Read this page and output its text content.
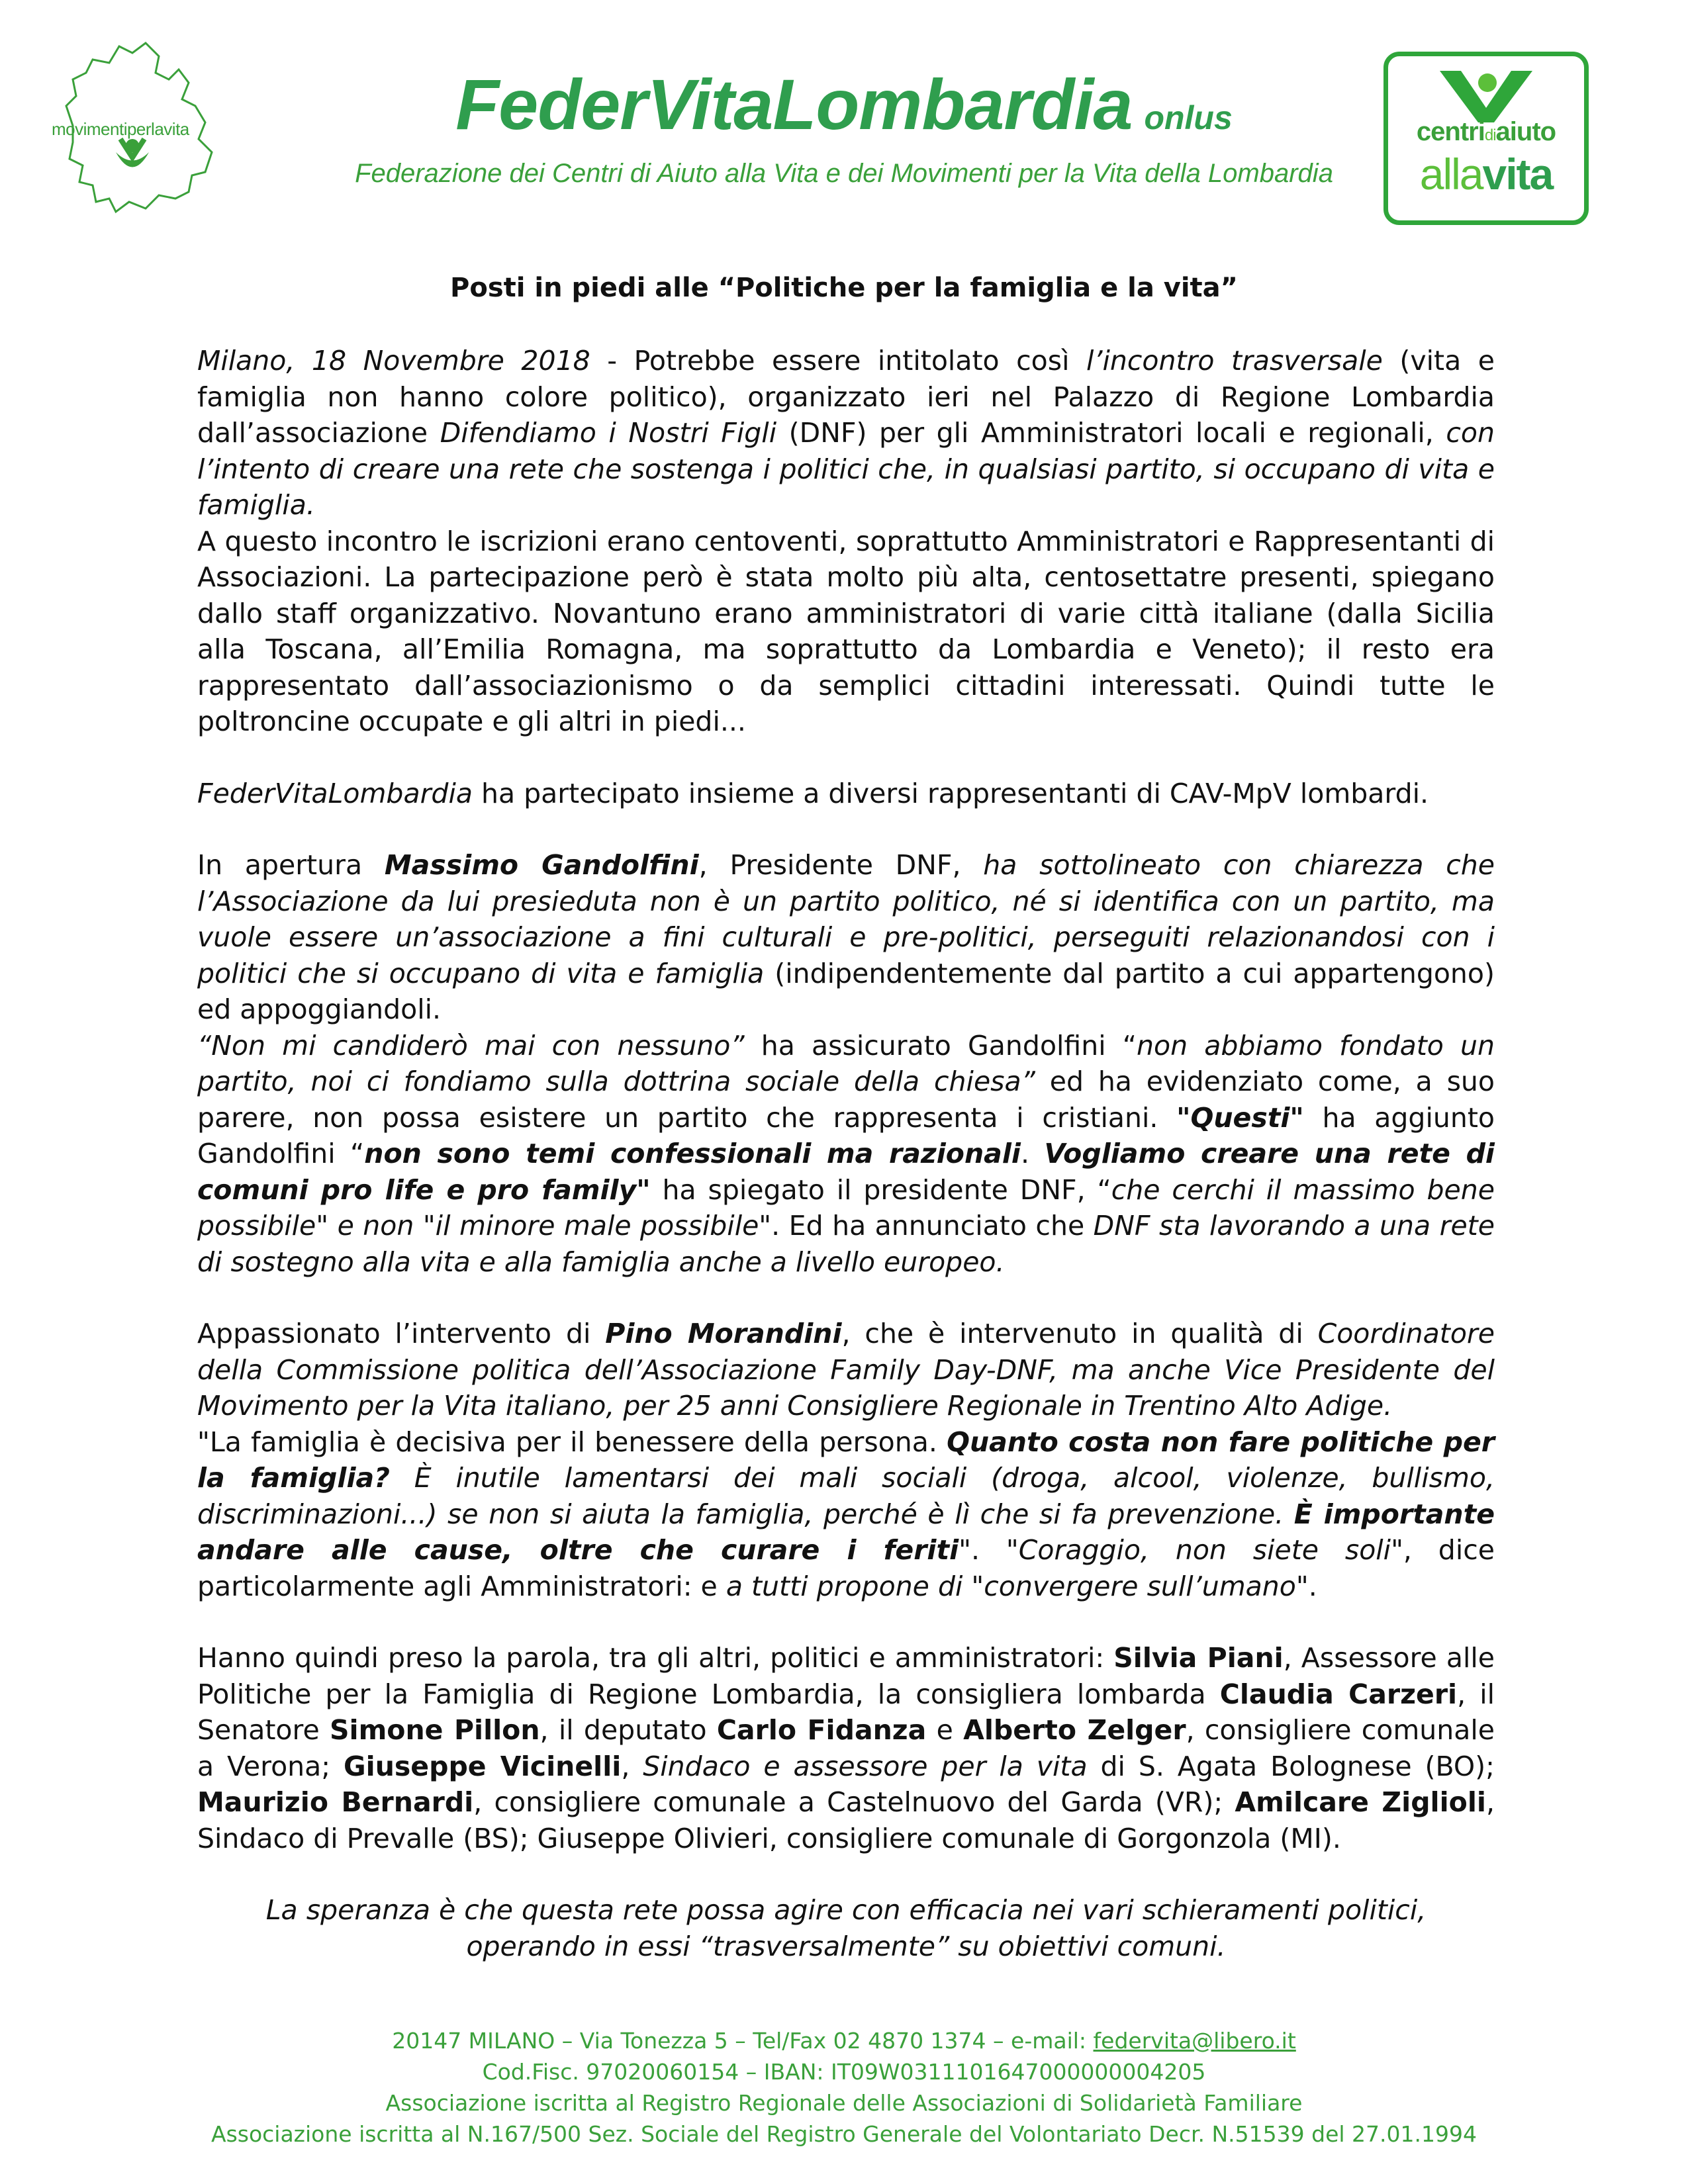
movimentiperlavita	FederVitaLombardia onlus
Federazione dei Centri di Aiuto alla Vita e dei Movimenti per la Vita della Lombardia
centridiaiuto
allavita
Posti in piedi alle “Politiche per la famiglia e la vita”

Milano, 18 Novembre 2018 - Potrebbe essere intitolato così l’incontro trasversale (vita e famiglia non hanno colore politico), organizzato ieri nel Palazzo di Regione Lombardia dall’associazione Difendiamo i Nostri Figli (DNF) per gli Amministratori locali e regionali, con l’intento di creare una rete che sostenga i politici che, in qualsiasi partito, si occupano di vita e famiglia.

A questo incontro le iscrizioni erano centoventi, soprattutto Amministratori e Rappresentanti di Associazioni. La partecipazione però è stata molto più alta, centosettatre presenti, spiegano dallo staff organizzativo. Novantuno erano amministratori di varie città italiane (dalla Sicilia alla Toscana, all’Emilia Romagna, ma soprattutto da Lombardia e Veneto); il resto era rappresentato dall’associazionismo o da semplici cittadini interessati. Quindi tutte le poltroncine occupate e gli altri in piedi...

FederVitaLombardia ha partecipato insieme a diversi rappresentanti di CAV-MpV lombardi.

In apertura Massimo Gandolfini, Presidente DNF, ha sottolineato con chiarezza che l’Associazione da lui presieduta non è un partito politico, né si identifica con un partito, ma vuole essere un’associazione a fini culturali e pre-politici, perseguiti relazionandosi con i politici che si occupano di vita e famiglia (indipendentemente dal partito a cui appartengono) ed appoggiandoli.

“Non mi candiderò mai con nessuno” ha assicurato Gandolfini “non abbiamo fondato un partito, noi ci fondiamo sulla dottrina sociale della chiesa” ed ha evidenziato come, a suo parere, non possa esistere un partito che rappresenta i cristiani. "Questi" ha aggiunto Gandolfini “non sono temi confessionali ma razionali. Vogliamo creare una rete di comuni pro life e pro family" ha spiegato il presidente DNF, “che cerchi il massimo bene possibile" e non "il minore male possibile". Ed ha annunciato che DNF sta lavorando a una rete di sostegno alla vita e alla famiglia anche a livello europeo.

Appassionato l’intervento di Pino Morandini, che è intervenuto in qualità di Coordinatore della Commissione politica dell’Associazione Family Day-DNF, ma anche Vice Presidente del Movimento per la Vita italiano, per 25 anni Consigliere Regionale in Trentino Alto Adige.

"La famiglia è decisiva per il benessere della persona. Quanto costa non fare politiche per la famiglia? È inutile lamentarsi dei mali sociali (droga, alcool, violenze, bullismo, discriminazioni...) se non si aiuta la famiglia, perché è lì che si fa prevenzione. È importante andare alle cause, oltre che curare i feriti". "Coraggio, non siete soli", dice particolarmente agli Amministratori: e a tutti propone di "convergere sull’umano".

Hanno quindi preso la parola, tra gli altri, politici e amministratori: Silvia Piani, Assessore alle Politiche per la Famiglia di Regione Lombardia, la consigliera lombarda Claudia Carzeri, il Senatore Simone Pillon, il deputato Carlo Fidanza e Alberto Zelger, consigliere comunale a Verona; Giuseppe Vicinelli, Sindaco e assessore per la vita di S. Agata Bolognese (BO); Maurizio Bernardi, consigliere comunale a Castelnuovo del Garda (VR); Amilcare Ziglioli, Sindaco di Prevalle (BS); Giuseppe Olivieri, consigliere comunale di Gorgonzola (MI).

La speranza è che questa rete possa agire con efficacia nei vari schieramenti politici, operando in essi “trasversalmente” su obiettivi comuni.

20147 MILANO – Via Tonezza 5 – Tel/Fax 02 4870 1374 – e-mail: federvita@libero.it
Cod.Fisc. 97020060154 – IBAN: IT09W0311101647000000004205
Associazione iscritta al Registro Regionale delle Associazioni di Solidarietà Familiare
Associazione iscritta al N.167/500 Sez. Sociale del Registro Generale del Volontariato Decr. N.51539 del 27.01.1994
